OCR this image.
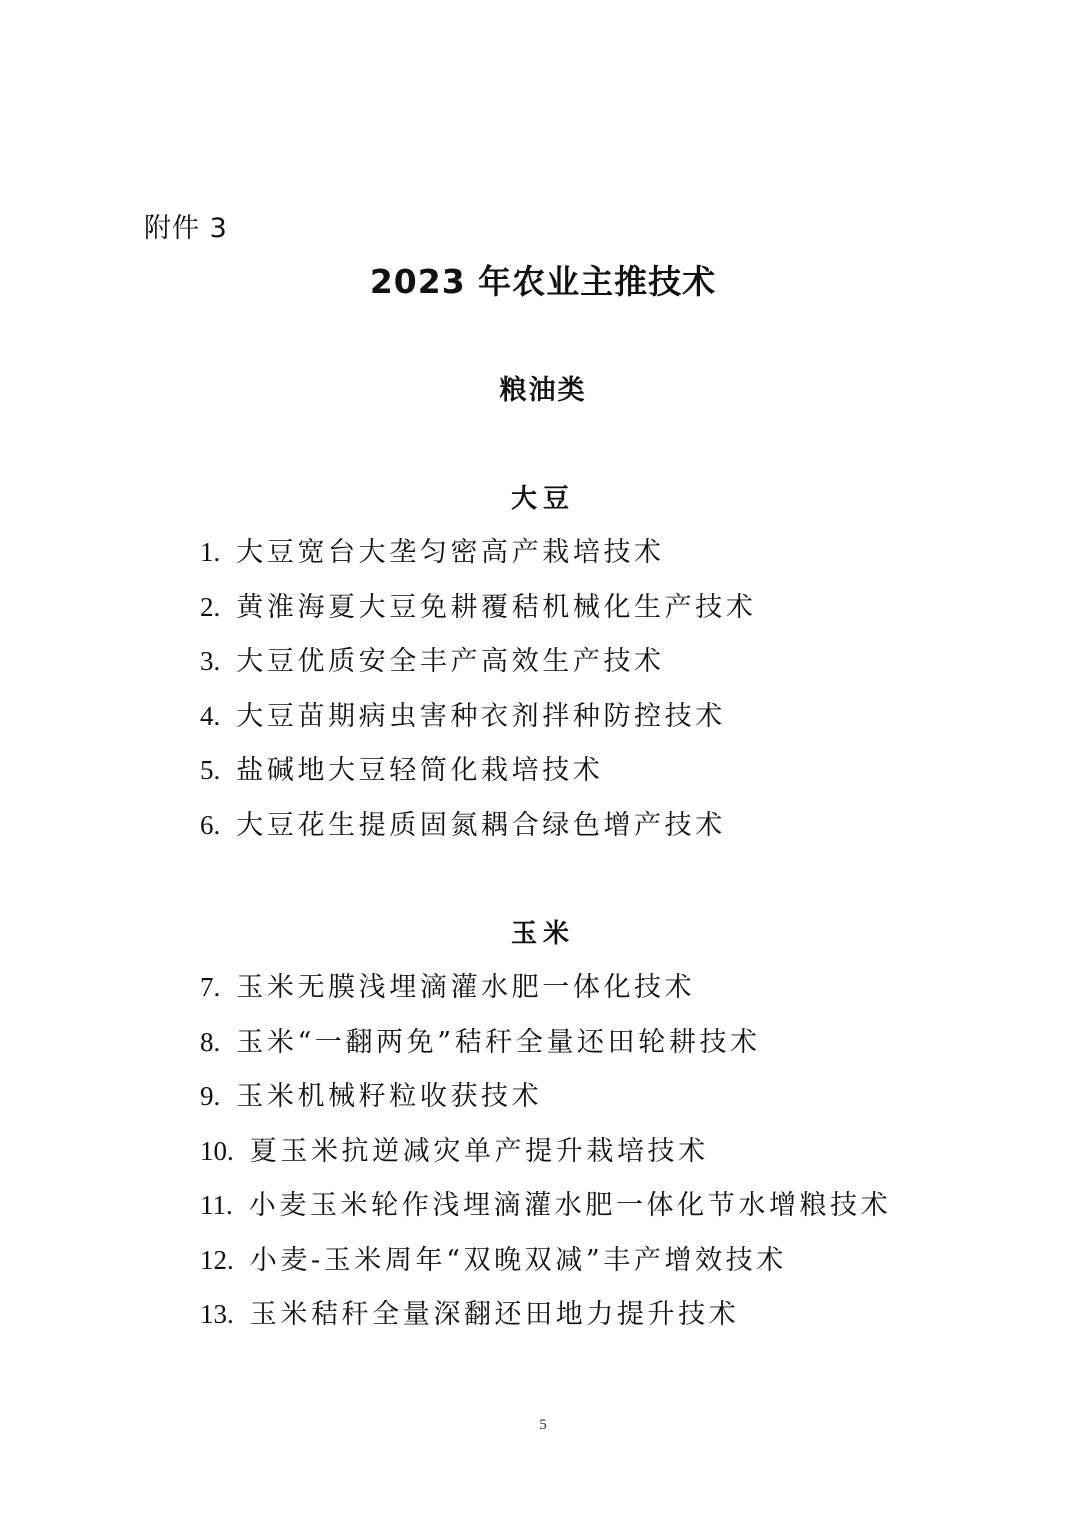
附件 3
2023 年农业主推技术
粮油类
大豆
1. 大豆宽台大垄匀密高产栽培技术
2. 黄淮海夏大豆免耕覆秸机械化生产技术
3. 大豆优质安全丰产高效生产技术
4. 大豆苗期病虫害种衣剂拌种防控技术
5. 盐碱地大豆轻简化栽培技术
6. 大豆花生提质固氮耦合绿色增产技术
玉米
7. 玉米无膜浅埋滴灌水肥一体化技术
8. 玉米“一翻两免”秸秆全量还田轮耕技术
9. 玉米机械籽粒收获技术
10. 夏玉米抗逆减灾单产提升栽培技术
11. 小麦玉米轮作浅埋滴灌水肥一体化节水增粮技术
12. 小麦-玉米周年“双晚双减”丰产增效技术
13. 玉米秸秆全量深翻还田地力提升技术
5
